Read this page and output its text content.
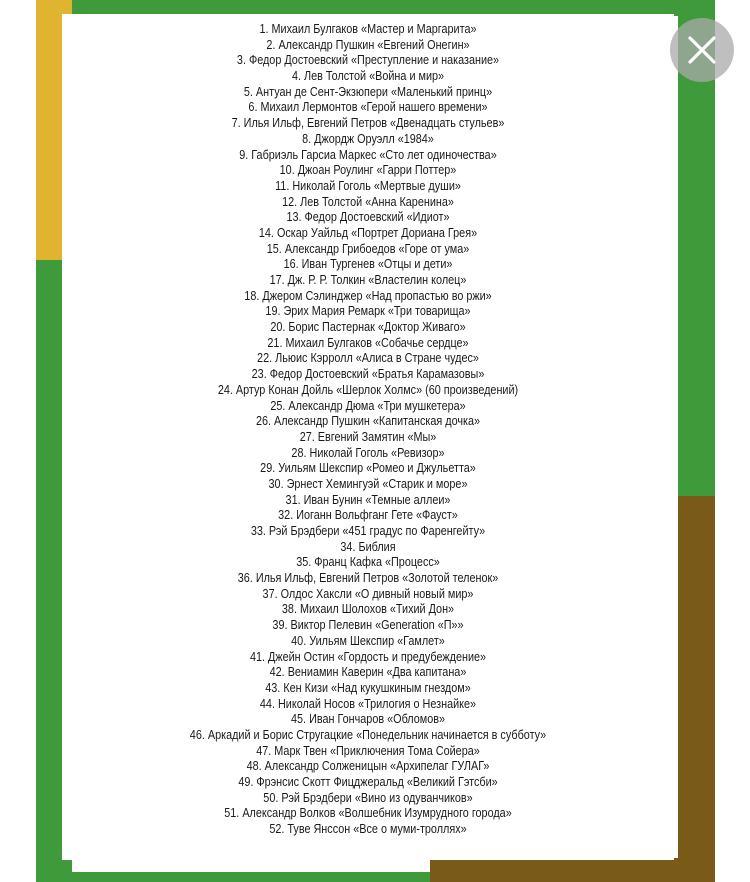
1. Михаил Булгаков «Мастер и Маргарита»
2. Александр Пушкин «Евгений Онегин»
3. Федор Достоевский «Преступление и наказание»
4. Лев Толстой «Война и мир»
5. Антуан де Сент-Экзюпери «Маленький принц»
6. Михаил Лермонтов «Герой нашего времени»
7. Илья Ильф, Евгений Петров «Двенадцать стульев»
8. Джордж Оруэлл «1984»
9. Габриэль Гарсиа Маркес «Сто лет одиночества»
10. Джоан Роулинг «Гарри Поттер»
11. Николай Гоголь «Мертвые души»
12. Лев Толстой «Анна Каренина»
13. Федор Достоевский «Идиот»
14. Оскар Уайльд «Портрет Дориана Грея»
15. Александр Грибоедов «Горе от ума»
16. Иван Тургенев «Отцы и дети»
17. Дж. Р. Р. Толкин «Властелин колец»
18. Джером Сэлинджер «Над пропастью во ржи»
19. Эрих Мария Ремарк «Три товарища»
20. Борис Пастернак «Доктор Живаго»
21. Михаил Булгаков «Собачье сердце»
22. Льюис Кэрролл «Алиса в Стране чудес»
23. Федор Достоевский «Братья Карамазовы»
24. Артур Конан Дойль «Шерлок Холмс» (60 произведений)
25. Александр Дюма «Три мушкетера»
26. Александр Пушкин «Капитанская дочка»
27. Евгений Замятин «Мы»
28. Николай Гоголь «Ревизор»
29. Уильям Шекспир «Ромео и Джульетта»
30. Эрнест Хемингуэй «Старик и море»
31. Иван Бунин «Темные аллеи»
32. Иоганн Вольфганг Гете «Фауст»
33. Рэй Брэдбери «451 градус по Фаренгейту»
34. Библия
35. Франц Кафка «Процесс»
36. Илья Ильф, Евгений Петров «Золотой теленок»
37. Олдос Хаксли «О дивный новый мир»
38. Михаил Шолохов «Тихий Дон»
39. Виктор Пелевин «Generation «П»»
40. Уильям Шекспир «Гамлет»
41. Джейн Остин «Гордость и предубеждение»
42. Вениамин Каверин «Два капитана»
43. Кен Кизи «Над кукушкиным гнездом»
44. Николай Носов «Трилогия о Незнайке»
45. Иван Гончаров «Обломов»
46. Аркадий и Борис Стругацкие «Понедельник начинается в субботу»
47. Марк Твен «Приключения Тома Сойера»
48. Александр Солженицын «Архипелаг ГУЛАГ»
49. Фрэнсис Скотт Фицджеральд «Великий Гэтсби»
50. Рэй Брэдбери «Вино из одуванчиков»
51. Александр Волков «Волшебник Изумрудного города»
52. Туве Янссон «Все о муми-троллях»
